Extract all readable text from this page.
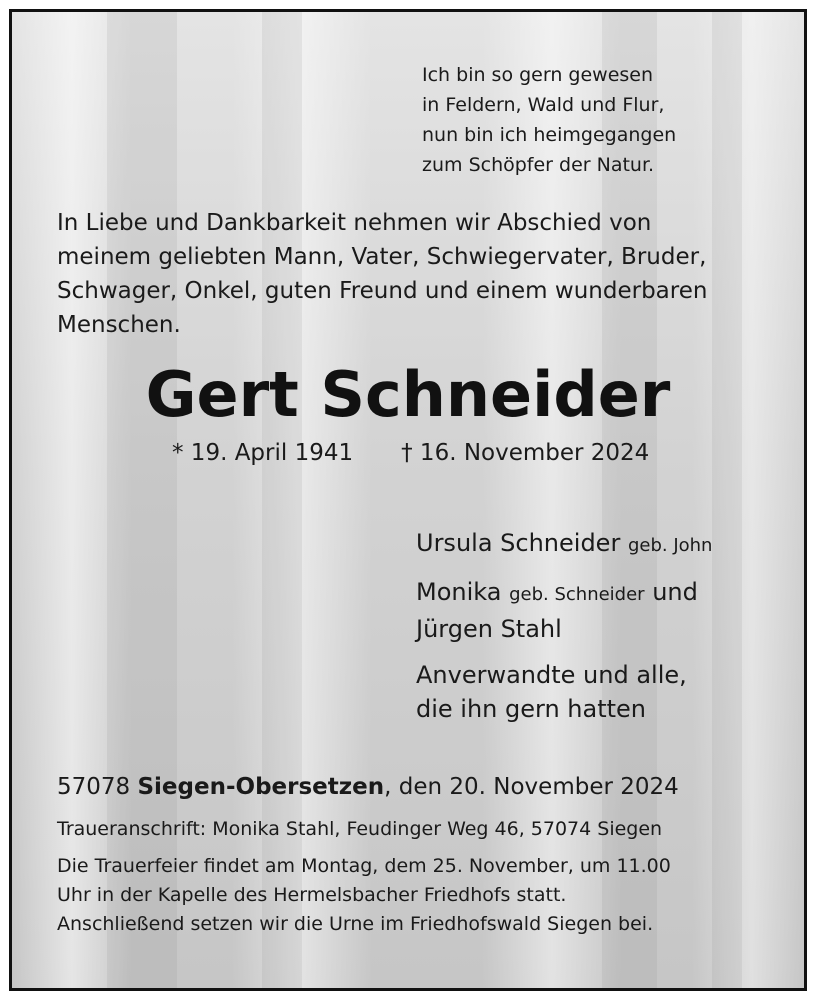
Ich bin so gern gewesen
in Feldern, Wald und Flur,
nun bin ich heimgegangen
zum Schöpfer der Natur.
In Liebe und Dankbarkeit nehmen wir Abschied von
meinem geliebten Mann, Vater, Schwiegervater, Bruder,
Schwager, Onkel, guten Freund und einem wunderbaren
Menschen.
Gert Schneider
* 19. April 1941 † 16. November 2024
Ursula Schneider geb. John
Monika geb. Schneider und
Jürgen Stahl
Anverwandte und alle,
die ihn gern hatten
57078 Siegen-Obersetzen, den 20. November 2024
Traueranschrift: Monika Stahl, Feudinger Weg 46, 57074 Siegen
Die Trauerfeier findet am Montag, dem 25. November, um 11.00
Uhr in der Kapelle des Hermelsbacher Friedhofs statt.
Anschließend setzen wir die Urne im Friedhofswald Siegen bei.
